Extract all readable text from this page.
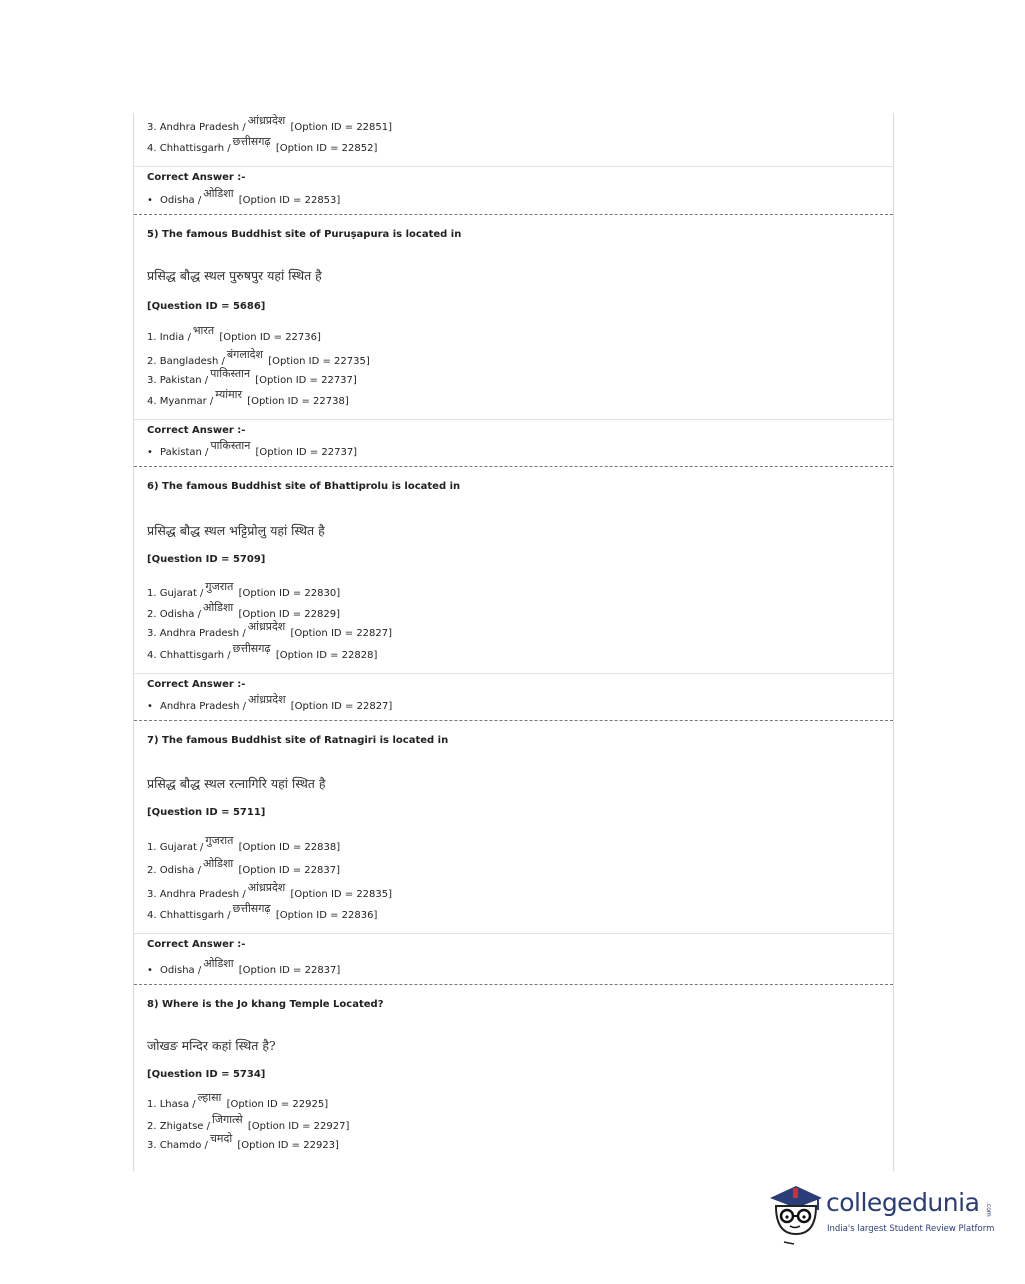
3. Andhra Pradesh /आंध्रप्रदेश [Option ID = 22851]
4. Chhattisgarh /छत्तीसगढ़ [Option ID = 22852]
Correct Answer :-
• Odisha /ओडिशा [Option ID = 22853]
5) The famous Buddhist site of Puruṣapura is located in
प्रसिद्ध बौद्ध स्थल पुरुषपुर यहां स्थित है
[Question ID = 5686]
1. India /भारत [Option ID = 22736]
2. Bangladesh /बंगलादेश [Option ID = 22735]
3. Pakistan /पाकिस्तान [Option ID = 22737]
4. Myanmar /म्यांमार [Option ID = 22738]
Correct Answer :-
• Pakistan /पाकिस्तान [Option ID = 22737]
6) The famous Buddhist site of Bhattiprolu is located in
प्रसिद्ध बौद्ध स्थल भट्टिप्रोलु यहां स्थित है
[Question ID = 5709]
1. Gujarat /गुजरात [Option ID = 22830]
2. Odisha /ओडिशा [Option ID = 22829]
3. Andhra Pradesh /आंध्रप्रदेश [Option ID = 22827]
4. Chhattisgarh /छत्तीसगढ़ [Option ID = 22828]
Correct Answer :-
• Andhra Pradesh /आंध्रप्रदेश [Option ID = 22827]
7) The famous Buddhist site of Ratnagiri is located in
प्रसिद्ध बौद्ध स्थल रत्नागिरि यहां स्थित है
[Question ID = 5711]
1. Gujarat /गुजरात [Option ID = 22838]
2. Odisha /ओडिशा [Option ID = 22837]
3. Andhra Pradesh /आंध्रप्रदेश [Option ID = 22835]
4. Chhattisgarh /छत्तीसगढ़ [Option ID = 22836]
Correct Answer :-
• Odisha /ओडिशा [Option ID = 22837]
8) Where is the Jo khang Temple Located?
जोखङ मन्दिर कहां स्थित है?
[Question ID = 5734]
1. Lhasa /ल्हासा [Option ID = 22925]
2. Zhigatse /जिगात्से [Option ID = 22927]
3. Chamdo /चमदो [Option ID = 22923]
collegedunia .com
India's largest Student Review Platform
